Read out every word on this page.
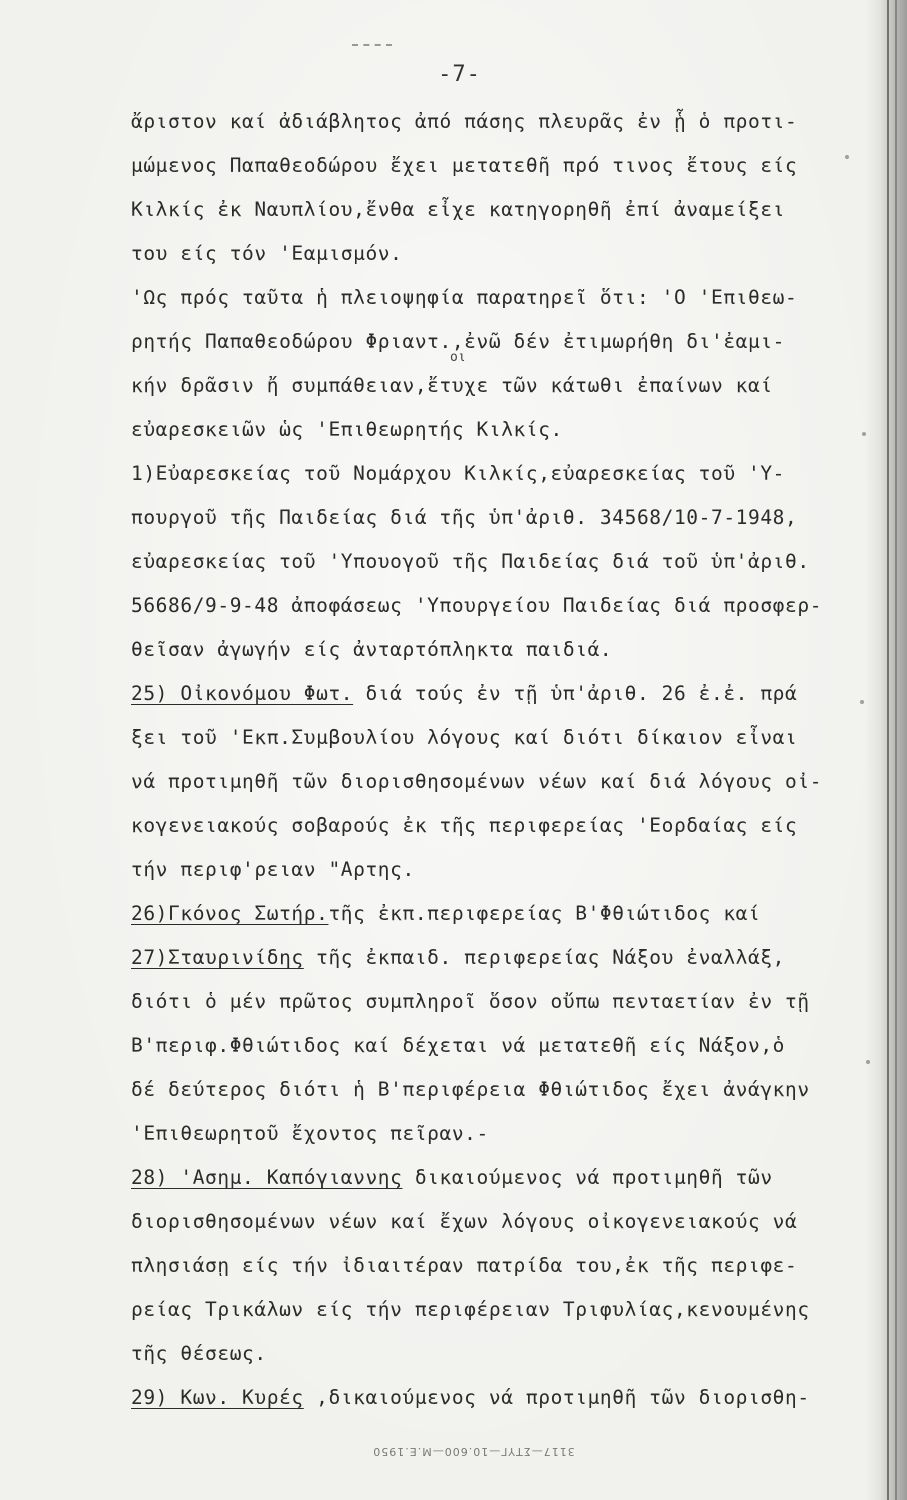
-7-
οι
ἄριστον καί ἀδιάβλητος ἀπό πάσης πλευρᾶς ἐν ᾗ ὁ προτι-
μώμενος Παπαθεοδώρου ἔχει μετατεθῆ πρό τινος ἔτους είς
Κιλκίς ἐκ Ναυπλίου,ἔνθα εἶχε κατηγορηθῆ ἐπί ἀναμείξει
του είς τόν 'Εαμισμόν.
'Ως πρός ταῦτα ἡ πλειοψηφία παρατηρεῖ ὅτι: 'Ο 'Επιθεω-
ρητής Παπαθεοδώρου Φριαντ.,ἐνῶ δέν ἐτιμωρήθη δι'ἐαμι-
κήν δρᾶσιν ἤ συμπάθειαν,ἔτυχε τῶν κάτωθι ἐπαίνων καί
εὐαρεσκειῶν ὡς 'Επιθεωρητής Κιλκίς.
1)Εὐαρεσκείας τοῦ Νομάρχου Κιλκίς,εὐαρεσκείας τοῦ 'Υ-
πουργοῦ τῆς Παιδείας διά τῆς ὑπ'ἀριθ. 34568/10-7-1948,
εὐαρεσκείας τοῦ 'Υπουογοῦ τῆς Παιδείας διά τοῦ ὑπ'ἀριθ.
56686/9-9-48 ἀποφάσεως 'Υπουργείου Παιδείας διά προσφερ-
θεῖσαν ἀγωγήν είς ἀνταρτόπληκτα παιδιά.
25) Οἰκονόμου Φωτ. διά τούς ἐν τῇ ὑπ'ἀριθ. 26 ἐ.ἐ. πρά
ξει τοῦ 'Εκπ.Συμβουλίου λόγους καί διότι δίκαιον εἶναι
νά προτιμηθῆ τῶν διορισθησομένων νέων καί διά λόγους οἰ-
κογενειακούς σοβαρούς ἐκ τῆς περιφερείας 'Εορδαίας είς
τήν περιφ'ρειαν "Αρτης.
26)Γκόνος Σωτήρ.τῆς ἐκπ.περιφερείας Β'Φθιώτιδος καί
27)Σταυρινίδης τῆς ἐκπαιδ. περιφερείας Νάξου ἐναλλάξ,
διότι ὁ μέν πρῶτος συμπληροῖ ὅσον οὔπω πενταετίαν ἐν τῇ
Β'περιφ.Φθιώτιδος καί δέχεται νά μετατεθῆ είς Νάξον,ὁ
δέ δεύτερος διότι ἡ Β'περιφέρεια Φθιώτιδος ἔχει ἀνάγκην
'Επιθεωρητοῦ ἔχοντος πεῖραν.-
28) 'Ασημ. Καπόγιαννης δικαιούμενος νά προτιμηθῆ τῶν
διορισθησομένων νέων καί ἔχων λόγους οἰκογενειακούς νά
πλησιάσῃ είς τήν ἰδιαιτέραν πατρίδα του,ἐκ τῆς περιφε-
ρείας Τρικάλων είς τήν περιφέρειαν Τριφυλίας,κενουμένης
τῆς θέσεως.
29) Κων. Κυρές ,δικαιούμενος νά προτιμηθῆ τῶν διορισθη-
3117—ΣΤΥΓ—10.600—Μ.Ε.1950
